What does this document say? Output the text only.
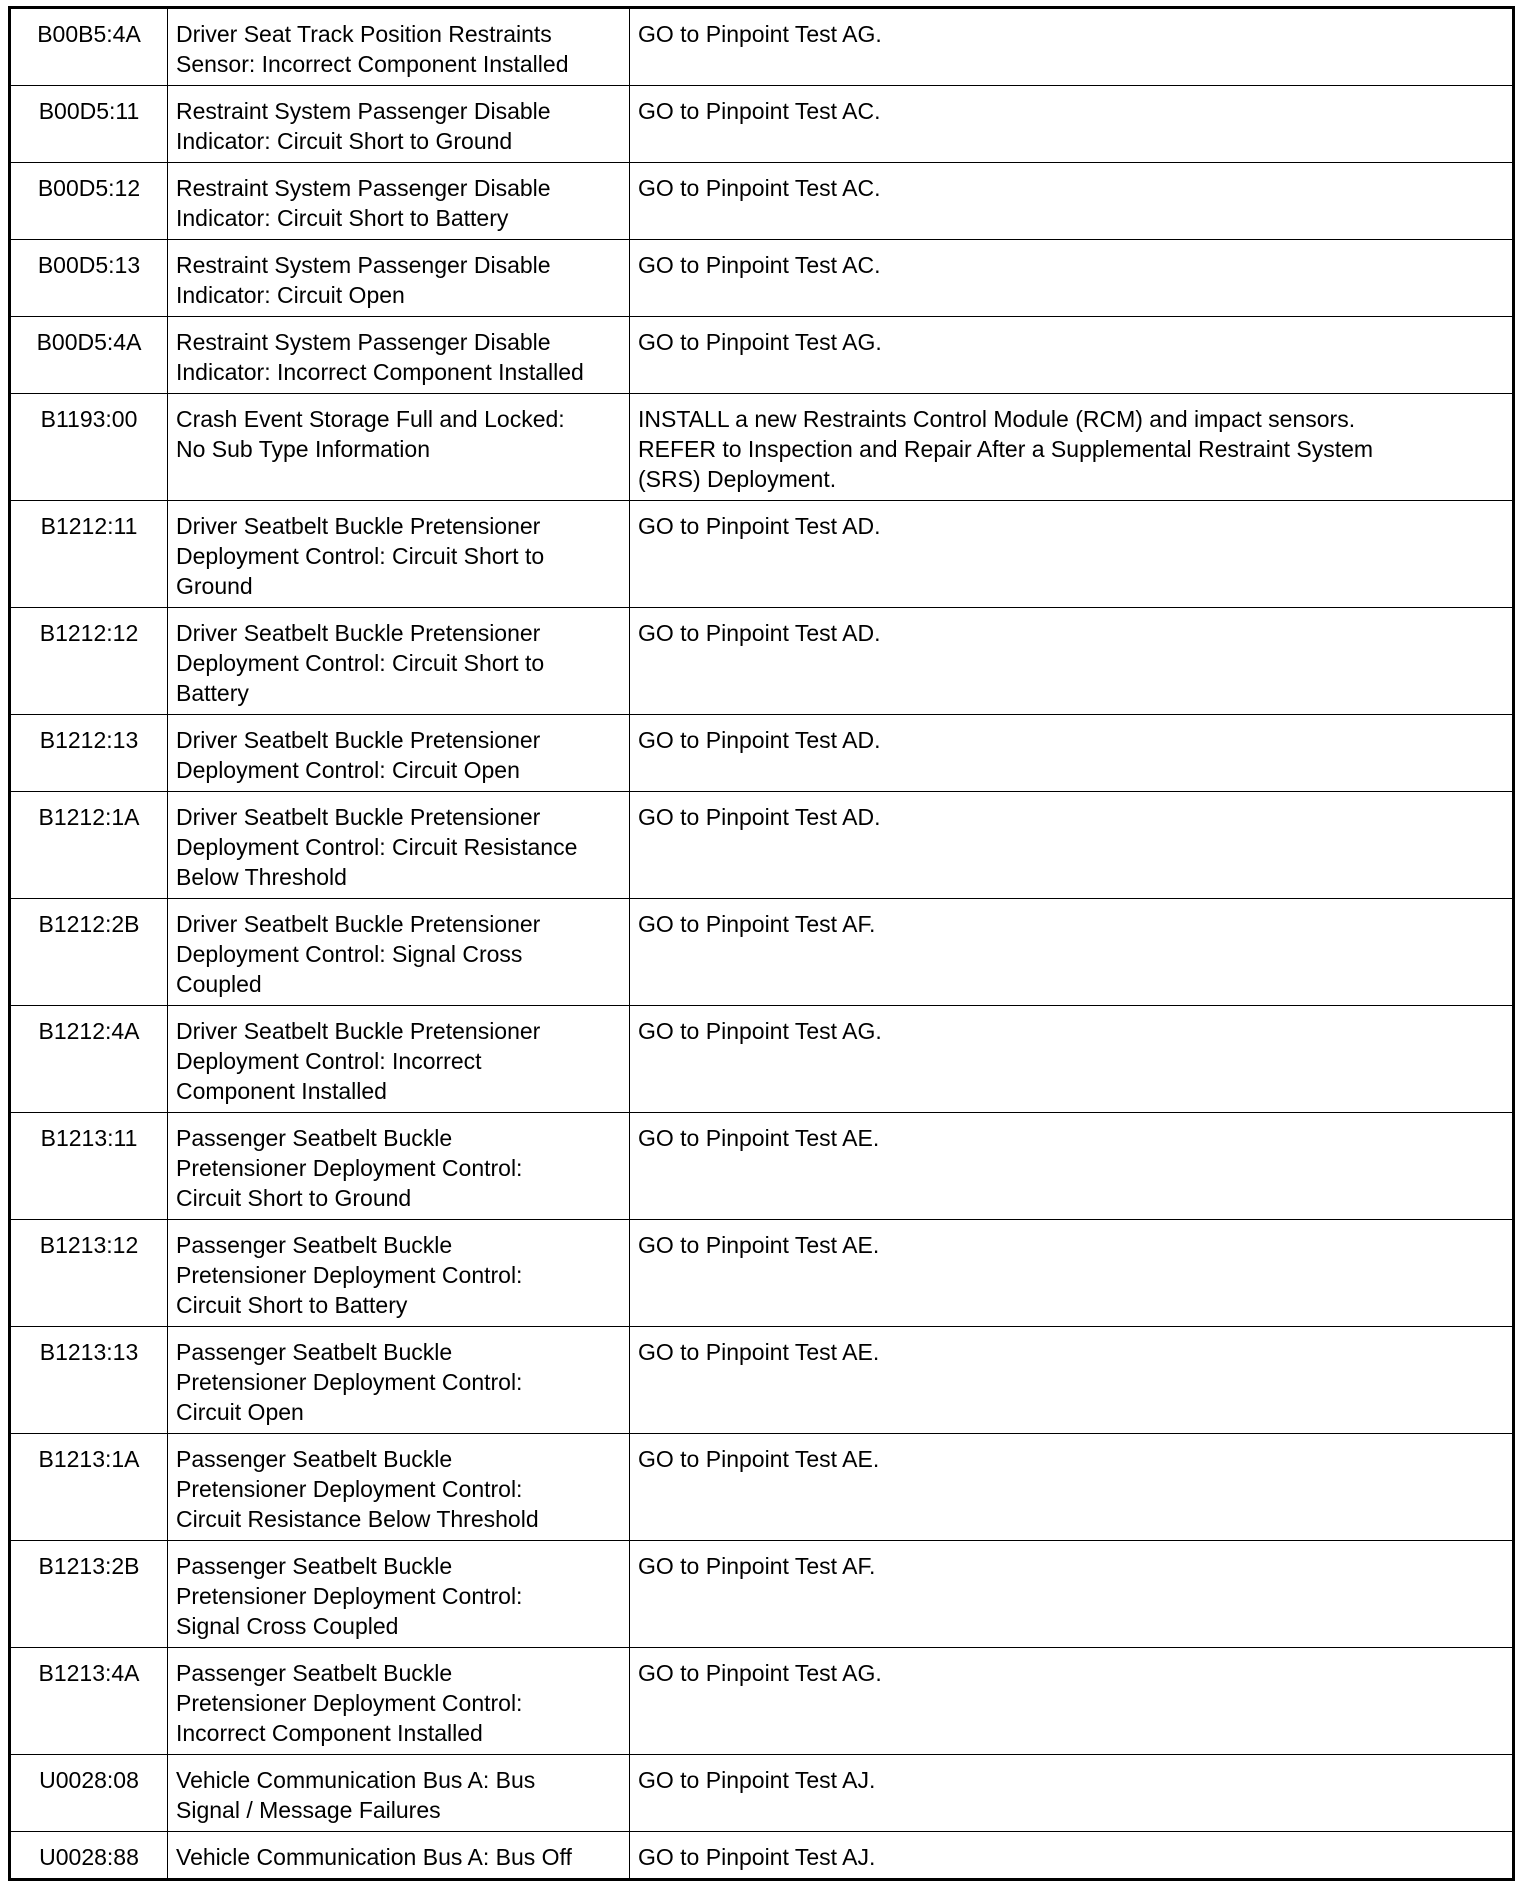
B00B5:4A	Driver Seat Track Position Restraints
Sensor: Incorrect Component Installed	GO to Pinpoint Test AG.
B00D5:11	Restraint System Passenger Disable
Indicator: Circuit Short to Ground	GO to Pinpoint Test AC.
B00D5:12	Restraint System Passenger Disable
Indicator: Circuit Short to Battery	GO to Pinpoint Test AC.
B00D5:13	Restraint System Passenger Disable
Indicator: Circuit Open	GO to Pinpoint Test AC.
B00D5:4A	Restraint System Passenger Disable
Indicator: Incorrect Component Installed	GO to Pinpoint Test AG.
B1193:00	Crash Event Storage Full and Locked:
No Sub Type Information	INSTALL a new Restraints Control Module (RCM) and impact sensors.
REFER to Inspection and Repair After a Supplemental Restraint System
(SRS) Deployment.
B1212:11	Driver Seatbelt Buckle Pretensioner
Deployment Control: Circuit Short to
Ground	GO to Pinpoint Test AD.
B1212:12	Driver Seatbelt Buckle Pretensioner
Deployment Control: Circuit Short to
Battery	GO to Pinpoint Test AD.
B1212:13	Driver Seatbelt Buckle Pretensioner
Deployment Control: Circuit Open	GO to Pinpoint Test AD.
B1212:1A	Driver Seatbelt Buckle Pretensioner
Deployment Control: Circuit Resistance
Below Threshold	GO to Pinpoint Test AD.
B1212:2B	Driver Seatbelt Buckle Pretensioner
Deployment Control: Signal Cross
Coupled	GO to Pinpoint Test AF.
B1212:4A	Driver Seatbelt Buckle Pretensioner
Deployment Control: Incorrect
Component Installed	GO to Pinpoint Test AG.
B1213:11	Passenger Seatbelt Buckle
Pretensioner Deployment Control:
Circuit Short to Ground	GO to Pinpoint Test AE.
B1213:12	Passenger Seatbelt Buckle
Pretensioner Deployment Control:
Circuit Short to Battery	GO to Pinpoint Test AE.
B1213:13	Passenger Seatbelt Buckle
Pretensioner Deployment Control:
Circuit Open	GO to Pinpoint Test AE.
B1213:1A	Passenger Seatbelt Buckle
Pretensioner Deployment Control:
Circuit Resistance Below Threshold	GO to Pinpoint Test AE.
B1213:2B	Passenger Seatbelt Buckle
Pretensioner Deployment Control:
Signal Cross Coupled	GO to Pinpoint Test AF.
B1213:4A	Passenger Seatbelt Buckle
Pretensioner Deployment Control:
Incorrect Component Installed	GO to Pinpoint Test AG.
U0028:08	Vehicle Communication Bus A: Bus
Signal / Message Failures	GO to Pinpoint Test AJ.
U0028:88	Vehicle Communication Bus A: Bus Off	GO to Pinpoint Test AJ.
